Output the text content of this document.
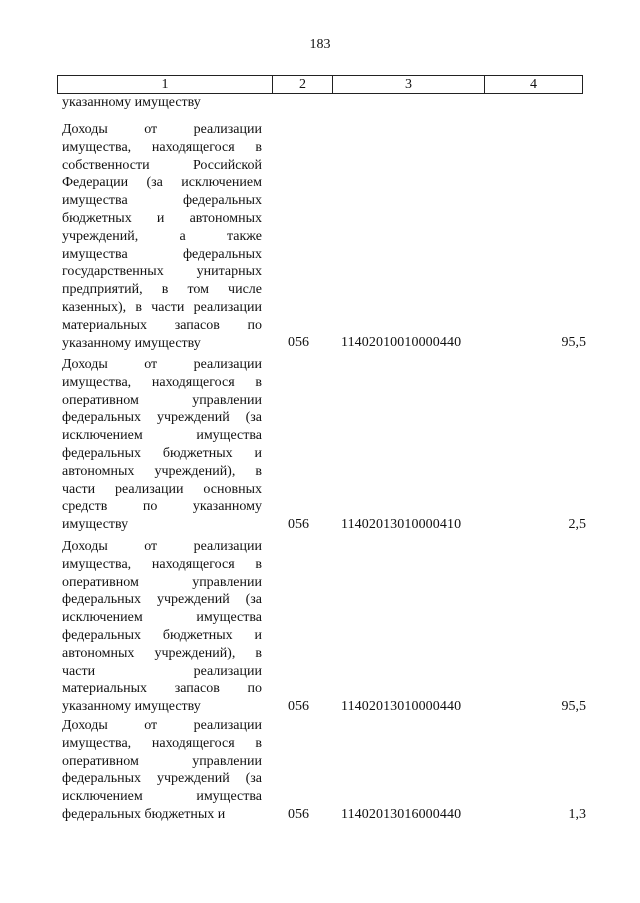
183
1	2	3	4
указанному имуществу
Доходы от реализации
имущества, находящегося в
собственности Российской
Федерации (за исключением
имущества федеральных
бюджетных и автономных
учреждений, а также
имущества федеральных
государственных унитарных
предприятий, в том числе
казенных), в части реализации
материальных запасов по
указанному имуществу	056	11402010010000440	95,5
Доходы от реализации
имущества, находящегося в
оперативном управлении
федеральных учреждений (за
исключением имущества
федеральных бюджетных и
автономных учреждений), в
части реализации основных
средств по указанному
имуществу	056	11402013010000410	2,5
Доходы от реализации
имущества, находящегося в
оперативном управлении
федеральных учреждений (за
исключением имущества
федеральных бюджетных и
автономных учреждений), в
части реализации
материальных запасов по
указанному имуществу	056	11402013010000440	95,5
Доходы от реализации
имущества, находящегося в
оперативном управлении
федеральных учреждений (за
исключением имущества
федеральных бюджетных и	056	11402013016000440	1,3
